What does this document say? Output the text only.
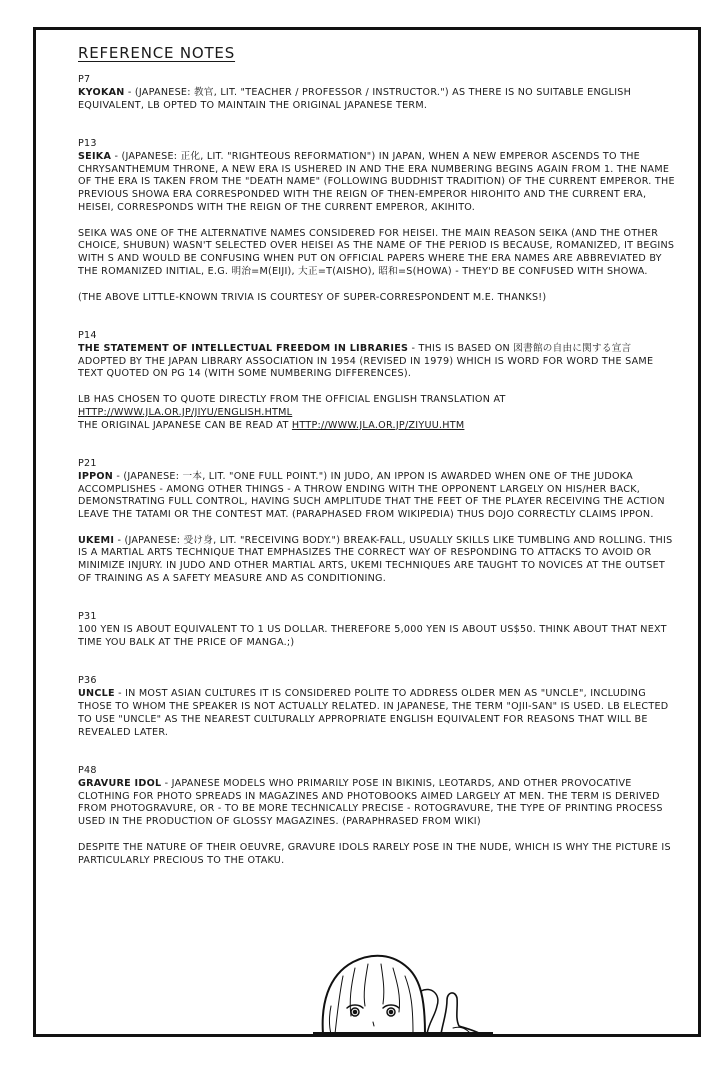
REFERENCE NOTES
P7

KYOKAN - (JAPANESE: 教官, LIT. "TEACHER / PROFESSOR / INSTRUCTOR.") AS THERE IS NO SUITABLE ENGLISH EQUIVALENT, LB OPTED TO MAINTAIN THE ORIGINAL JAPANESE TERM.

P13

SEIKA - (JAPANESE: 正化, LIT. "RIGHTEOUS REFORMATION") IN JAPAN, WHEN A NEW EMPEROR ASCENDS TO THE CHRYSANTHEMUM THRONE, A NEW ERA IS USHERED IN AND THE ERA NUMBERING BEGINS AGAIN FROM 1. THE NAME OF THE ERA IS TAKEN FROM THE "DEATH NAME" (FOLLOWING BUDDHIST TRADITION) OF THE CURRENT EMPEROR. THE PREVIOUS SHOWA ERA CORRESPONDED WITH THE REIGN OF THEN-EMPEROR HIROHITO AND THE CURRENT ERA, HEISEI, CORRESPONDS WITH THE REIGN OF THE CURRENT EMPEROR, AKIHITO.

SEIKA WAS ONE OF THE ALTERNATIVE NAMES CONSIDERED FOR HEISEI. THE MAIN REASON SEIKA (AND THE OTHER CHOICE, SHUBUN) WASN'T SELECTED OVER HEISEI AS THE NAME OF THE PERIOD IS BECAUSE, ROMANIZED, IT BEGINS WITH S AND WOULD BE CONFUSING WHEN PUT ON OFFICIAL PAPERS WHERE THE ERA NAMES ARE ABBREVIATED BY THE ROMANIZED INITIAL, E.G. 明治=M(EIJI), 大正=T(AISHO), 昭和=S(HOWA) - THEY'D BE CONFUSED WITH SHOWA.

(THE ABOVE LITTLE-KNOWN TRIVIA IS COURTESY OF SUPER-CORRESPONDENT M.E. THANKS!)

P14

THE STATEMENT OF INTELLECTUAL FREEDOM IN LIBRARIES - THIS IS BASED ON 図書館の自由に関する宣言 ADOPTED BY THE JAPAN LIBRARY ASSOCIATION IN 1954 (REVISED IN 1979) WHICH IS WORD FOR WORD THE SAME TEXT QUOTED ON PG 14 (WITH SOME NUMBERING DIFFERENCES).

LB HAS CHOSEN TO QUOTE DIRECTLY FROM THE OFFICIAL ENGLISH TRANSLATION AT
HTTP://WWW.JLA.OR.JP/JIYU/ENGLISH.HTML
THE ORIGINAL JAPANESE CAN BE READ AT HTTP://WWW.JLA.OR.JP/ZIYUU.HTM

P21

IPPON - (JAPANESE: 一本, LIT. "ONE FULL POINT.") IN JUDO, AN IPPON IS AWARDED WHEN ONE OF THE JUDOKA ACCOMPLISHES - AMONG OTHER THINGS - A THROW ENDING WITH THE OPPONENT LARGELY ON HIS/HER BACK, DEMONSTRATING FULL CONTROL, HAVING SUCH AMPLITUDE THAT THE FEET OF THE PLAYER RECEIVING THE ACTION LEAVE THE TATAMI OR THE CONTEST MAT. (PARAPHASED FROM WIKIPEDIA) THUS DOJO CORRECTLY CLAIMS IPPON.

UKEMI - (JAPANESE: 受け身, LIT. "RECEIVING BODY.") BREAK-FALL, USUALLY SKILLS LIKE TUMBLING AND ROLLING. THIS IS A MARTIAL ARTS TECHNIQUE THAT EMPHASIZES THE CORRECT WAY OF RESPONDING TO ATTACKS TO AVOID OR MINIMIZE INJURY. IN JUDO AND OTHER MARTIAL ARTS, UKEMI TECHNIQUES ARE TAUGHT TO NOVICES AT THE OUTSET OF TRAINING AS A SAFETY MEASURE AND AS CONDITIONING.

P31

100 YEN IS ABOUT EQUIVALENT TO 1 US DOLLAR. THEREFORE 5,000 YEN IS ABOUT US$50. THINK ABOUT THAT NEXT TIME YOU BALK AT THE PRICE OF MANGA.;)

P36

UNCLE - IN MOST ASIAN CULTURES IT IS CONSIDERED POLITE TO ADDRESS OLDER MEN AS "UNCLE", INCLUDING THOSE TO WHOM THE SPEAKER IS NOT ACTUALLY RELATED. IN JAPANESE, THE TERM "OJII-SAN" IS USED. LB ELECTED TO USE "UNCLE" AS THE NEAREST CULTURALLY APPROPRIATE ENGLISH EQUIVALENT FOR REASONS THAT WILL BE REVEALED LATER.

P48

GRAVURE IDOL - JAPANESE MODELS WHO PRIMARILY POSE IN BIKINIS, LEOTARDS, AND OTHER PROVOCATIVE CLOTHING FOR PHOTO SPREADS IN MAGAZINES AND PHOTOBOOKS AIMED LARGELY AT MEN. THE TERM IS DERIVED FROM PHOTOGRAVURE, OR - TO BE MORE TECHNICALLY PRECISE - ROTOGRAVURE, THE TYPE OF PRINTING PROCESS USED IN THE PRODUCTION OF GLOSSY MAGAZINES. (PARAPHRASED FROM WIKI)

DESPITE THE NATURE OF THEIR OEUVRE, GRAVURE IDOLS RARELY POSE IN THE NUDE, WHICH IS WHY THE PICTURE IS PARTICULARLY PRECIOUS TO THE OTAKU.
